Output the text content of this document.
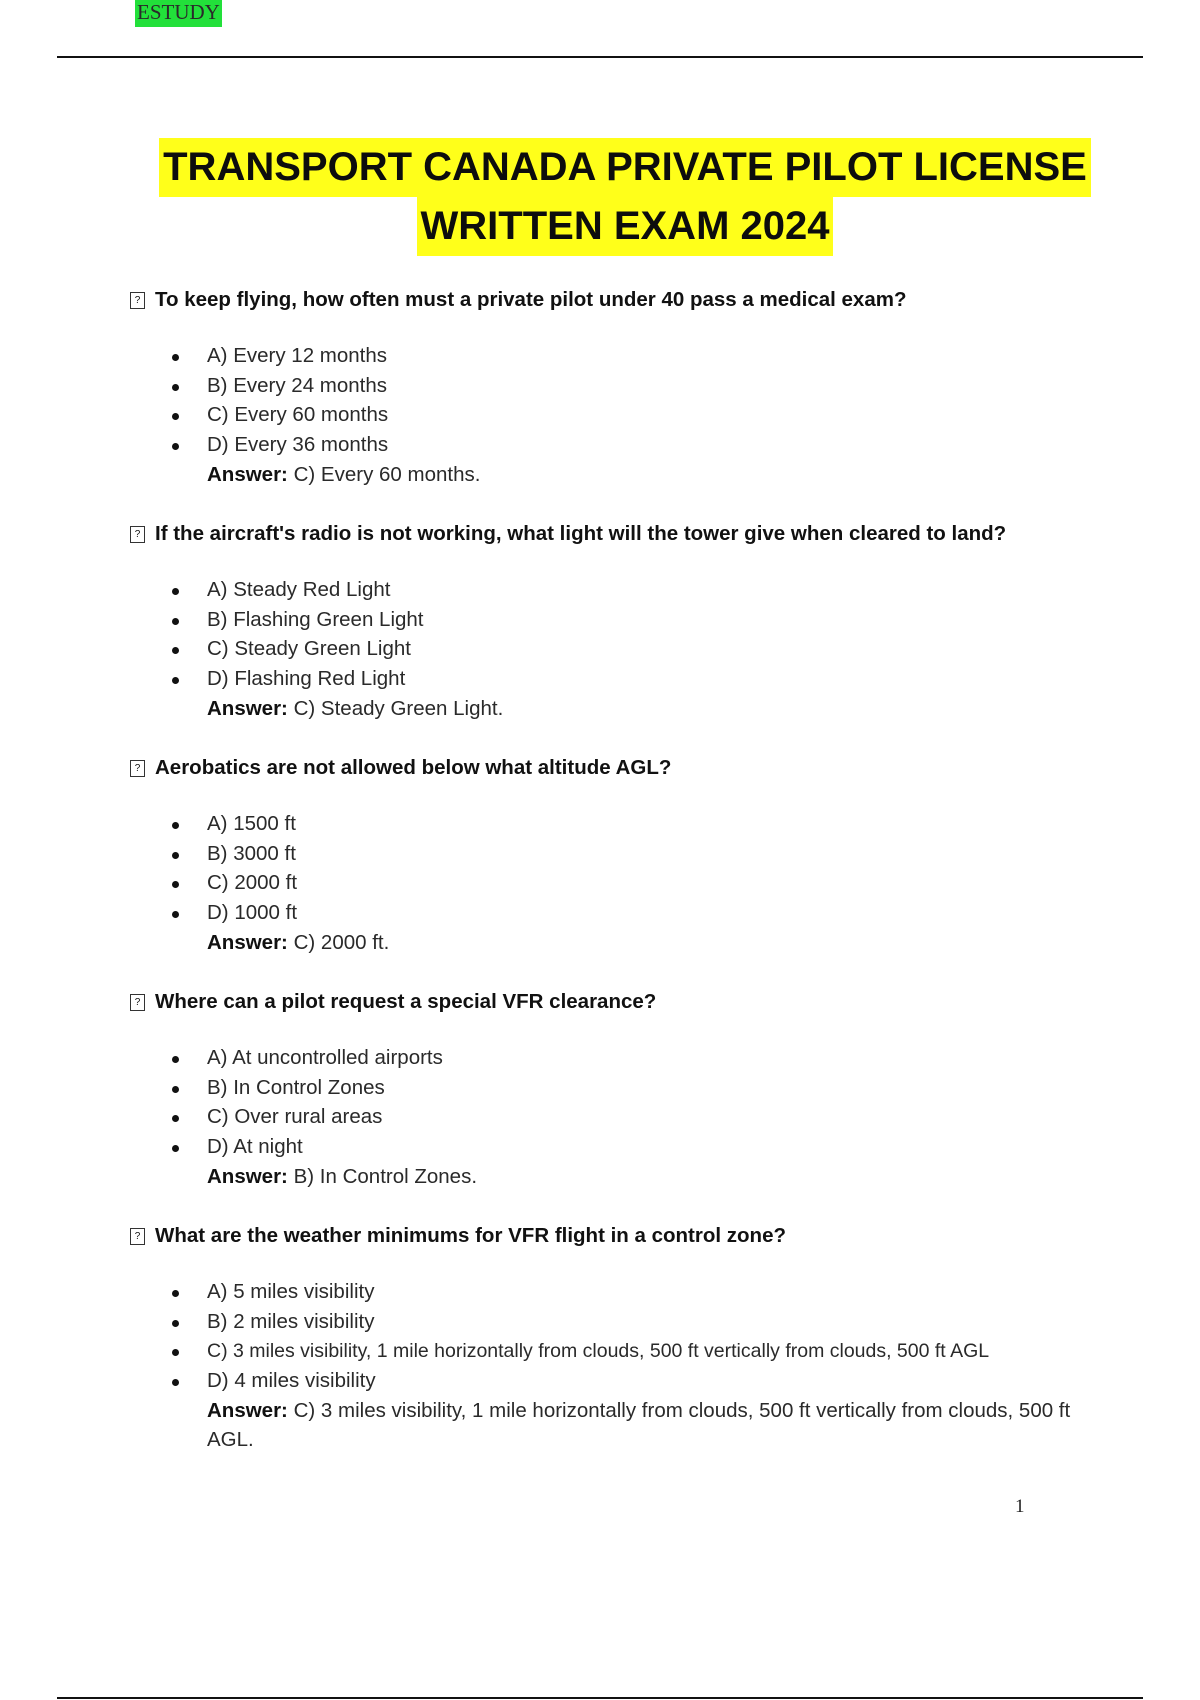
ESTUDY
TRANSPORT CANADA PRIVATE PILOT LICENSE
WRITTEN EXAM 2024
? To keep flying, how often must a private pilot under 40 pass a medical exam?
A) Every 12 months
B) Every 24 months
C) Every 60 months
D) Every 36 months
Answer: C) Every 60 months.
? If the aircraft's radio is not working, what light will the tower give when cleared to land?
A) Steady Red Light
B) Flashing Green Light
C) Steady Green Light
D) Flashing Red Light
Answer: C) Steady Green Light.
? Aerobatics are not allowed below what altitude AGL?
A) 1500 ft
B) 3000 ft
C) 2000 ft
D) 1000 ft
Answer: C) 2000 ft.
? Where can a pilot request a special VFR clearance?
A) At uncontrolled airports
B) In Control Zones
C) Over rural areas
D) At night
Answer: B) In Control Zones.
? What are the weather minimums for VFR flight in a control zone?
A) 5 miles visibility
B) 2 miles visibility
C) 3 miles visibility, 1 mile horizontally from clouds, 500 ft vertically from clouds, 500 ft AGL
D) 4 miles visibility
Answer: C) 3 miles visibility, 1 mile horizontally from clouds, 500 ft vertically from clouds, 500 ft AGL.
1
